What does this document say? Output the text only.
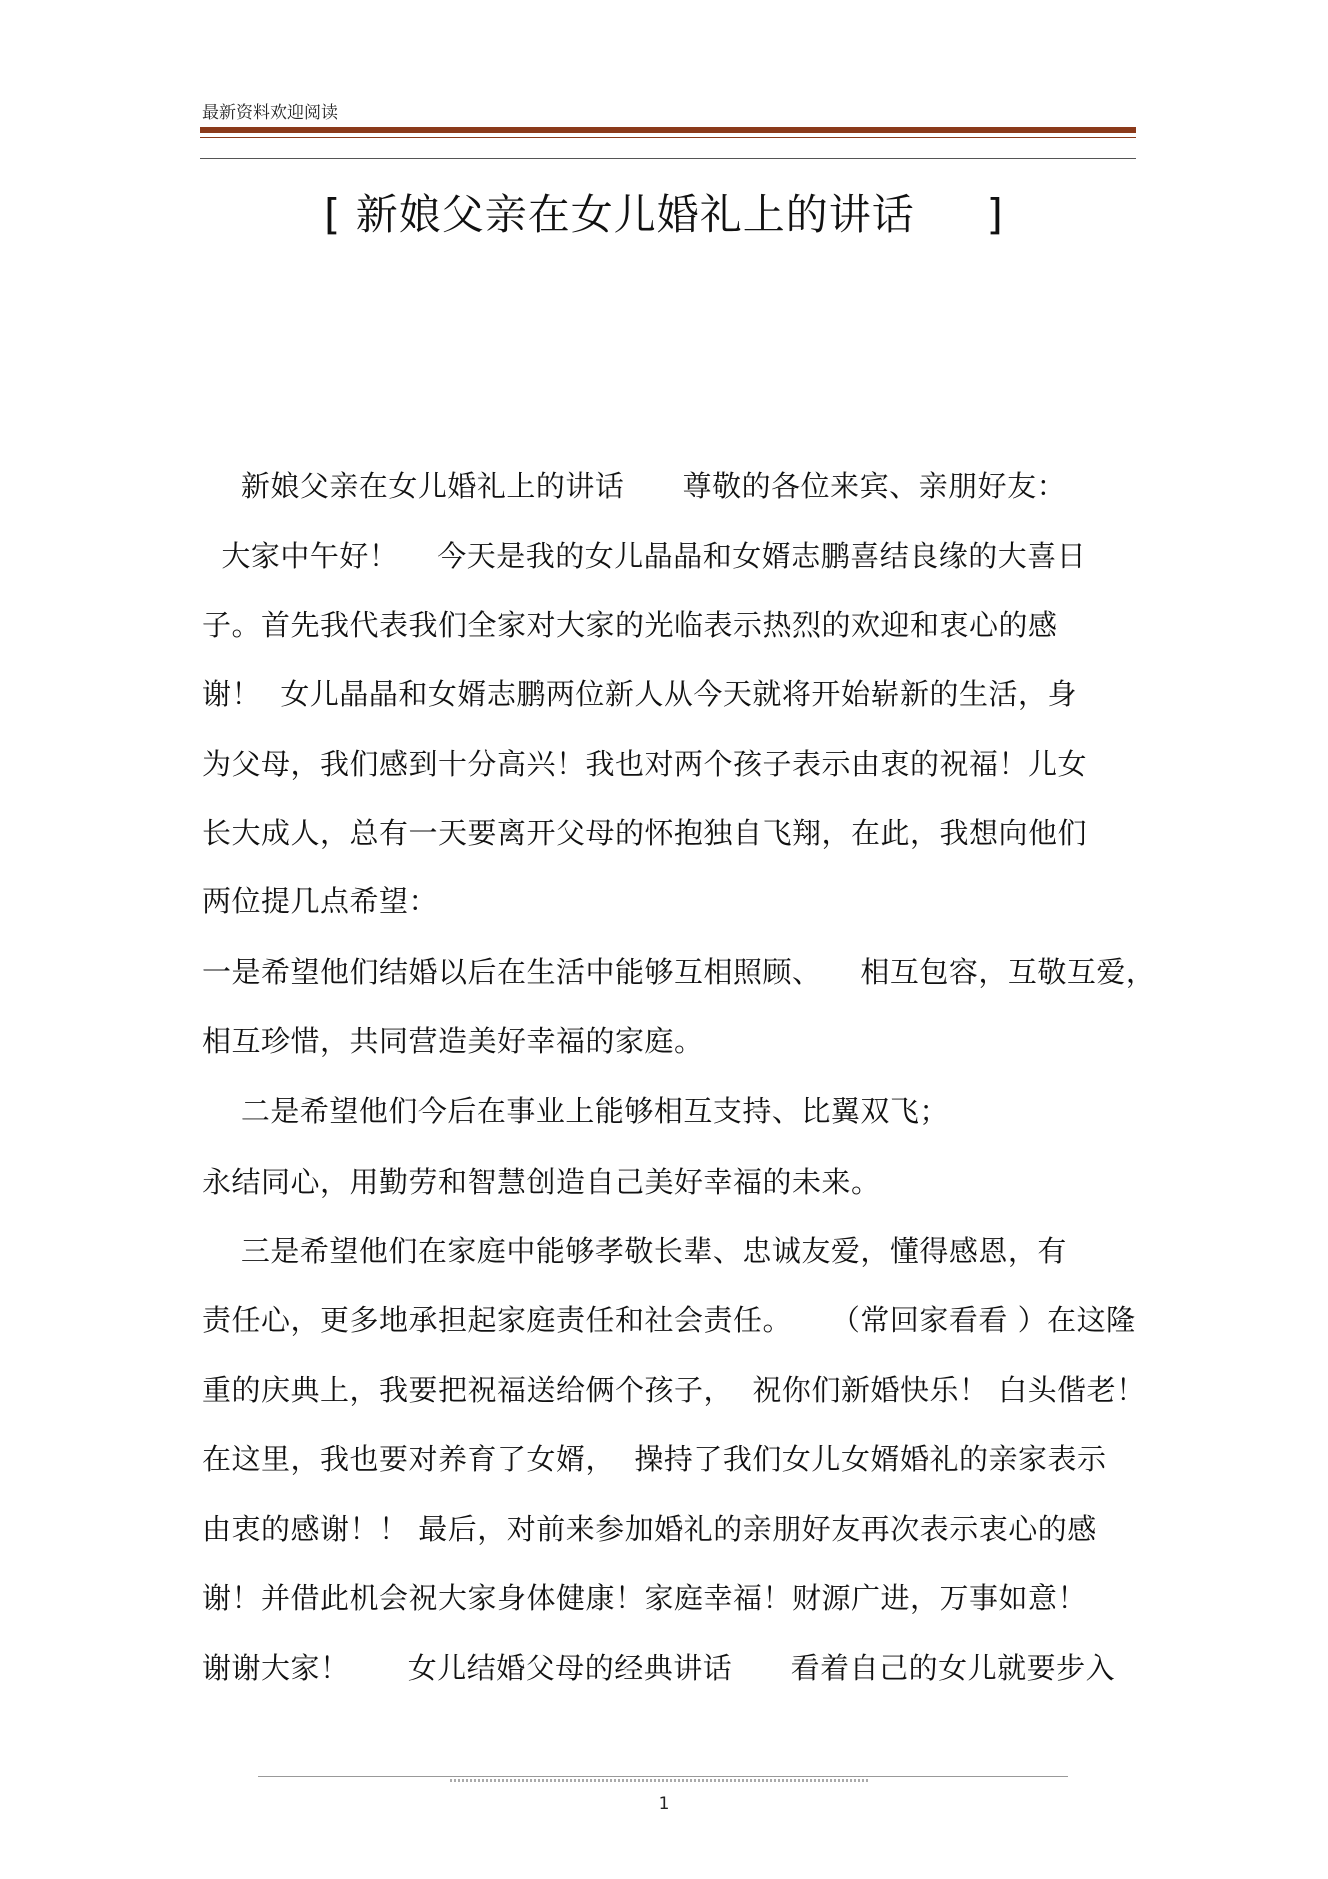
最新资料欢迎阅读
[ 新娘父亲在女儿婚礼上的讲话     ]
新娘父亲在女儿婚礼上的讲话      尊敬的各位来宾、亲朋好友：
大家中午好！    今天是我的女儿晶晶和女婿志鹏喜结良缘的大喜日
子。首先我代表我们全家对大家的光临表示热烈的欢迎和衷心的感
谢！  女儿晶晶和女婿志鹏两位新人从今天就将开始崭新的生活，身
为父母，我们感到十分高兴！我也对两个孩子表示由衷的祝福！儿女
长大成人，总有一天要离开父母的怀抱独自飞翔，在此，我想向他们
两位提几点希望：
一是希望他们结婚以后在生活中能够互相照顾、    相互包容，互敬互爱，
相互珍惜，共同营造美好幸福的家庭。
二是希望他们今后在事业上能够相互支持、比翼双飞；
永结同心，用勤劳和智慧创造自己美好幸福的未来。
三是希望他们在家庭中能够孝敬长辈、忠诚友爱，懂得感恩，有
责任心，更多地承担起家庭责任和社会责任。    （常回家看看 ）在这隆
重的庆典上，我要把祝福送给俩个孩子，  祝你们新婚快乐！ 白头偕老！
在这里，我也要对养育了女婿，  操持了我们女儿女婿婚礼的亲家表示
由衷的感谢！！ 最后，对前来参加婚礼的亲朋好友再次表示衷心的感
谢！并借此机会祝大家身体健康！家庭幸福！财源广进，万事如意！
谢谢大家！      女儿结婚父母的经典讲话      看着自己的女儿就要步入
1
